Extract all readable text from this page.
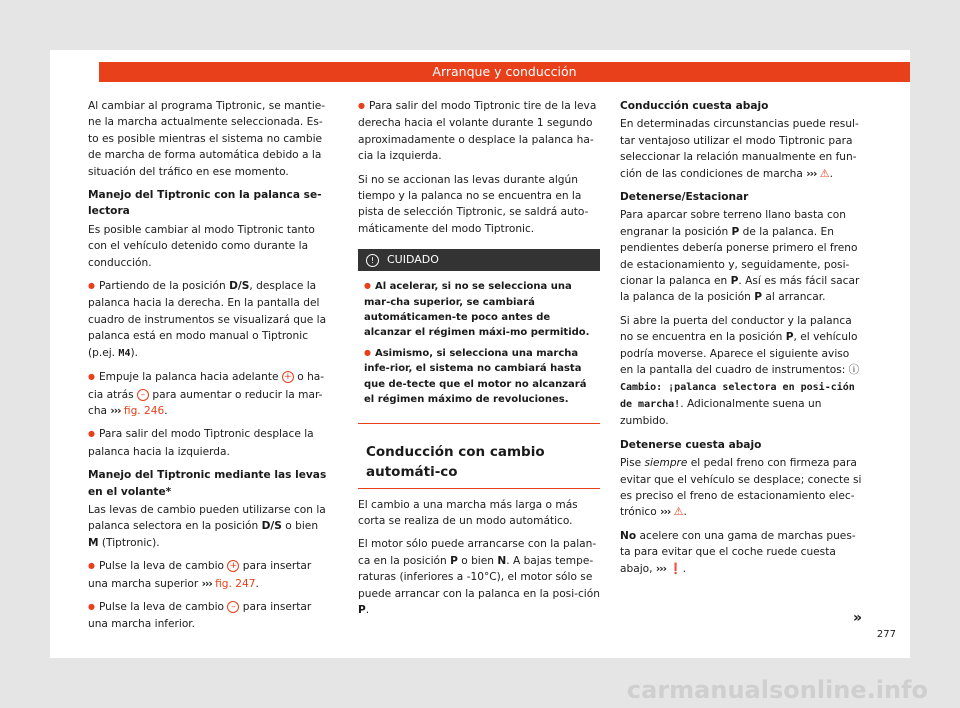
Arranque y conducción

Al cambiar al programa Tiptronic, se mantie-ne la marcha actualmente seleccionada. Es-to es posible mientras el sistema no cambie de marcha de forma automática debido a la situación del tráfico en ese momento.

Manejo del Tiptronic con la palanca se-lectora

Es posible cambiar al modo Tiptronic tanto con el vehículo detenido como durante la conducción.

● Partiendo de la posición D/S, desplace la palanca hacia la derecha. En la pantalla del cuadro de instrumentos se visualizará que la palanca está en modo manual o Tiptronic (p.ej. M4).

● Empuje la palanca hacia adelante + o ha-cia atrás – para aumentar o reducir la mar-cha ››› fig. 246.

● Para salir del modo Tiptronic desplace la palanca hacia la izquierda.

Manejo del Tiptronic mediante las levas en el volante*

Las levas de cambio pueden utilizarse con la palanca selectora en la posición D/S o bien M (Tiptronic).

● Pulse la leva de cambio + para insertar una marcha superior ››› fig. 247.

● Pulse la leva de cambio – para insertar una marcha inferior.

● Para salir del modo Tiptronic tire de la leva derecha hacia el volante durante 1 segundo aproximadamente o desplace la palanca ha-cia la izquierda.

Si no se accionan las levas durante algún tiempo y la palanca no se encuentra en la pista de selección Tiptronic, se saldrá auto-máticamente del modo Tiptronic.

! CUIDADO

● Al acelerar, si no se selecciona una mar-cha superior, se cambiará automáticamen-te poco antes de alcanzar el régimen máxi-mo permitido.

● Asimismo, si selecciona una marcha infe-rior, el sistema no cambiará hasta que de-tecte que el motor no alcanzará el régimen máximo de revoluciones.

Conducción con cambio automáti-co

El cambio a una marcha más larga o más corta se realiza de un modo automático.

El motor sólo puede arrancarse con la palan-ca en la posición P o bien N. A bajas tempe-raturas (inferiores a -10°C), el motor sólo se puede arrancar con la palanca en la posi-ción P.

Conducción cuesta abajo

En determinadas circunstancias puede resul-tar ventajoso utilizar el modo Tiptronic para seleccionar la relación manualmente en fun-ción de las condiciones de marcha ››› ⚠.

Detenerse/Estacionar

Para aparcar sobre terreno llano basta con engranar la posición P de la palanca. En pendientes debería ponerse primero el freno de estacionamiento y, seguidamente, posi-cionar la palanca en P. Así es más fácil sacar la palanca de la posición P al arrancar.

Si abre la puerta del conductor y la palanca no se encuentra en la posición P, el vehículo podría moverse. Aparece el siguiente aviso en la pantalla del cuadro de instrumentos: ⓘ Cambio: ¡palanca selectora en posi-ción de marcha!. Adicionalmente suena un zumbido.

Detenerse cuesta abajo

Pise siempre el pedal freno con firmeza para evitar que el vehículo se desplace; conecte si es preciso el freno de estacionamiento elec-trónico ››› ⚠.

No acelere con una gama de marchas pues-ta para evitar que el coche ruede cuesta abajo, ››› ❗.

»
277
carmanualsonline.info
